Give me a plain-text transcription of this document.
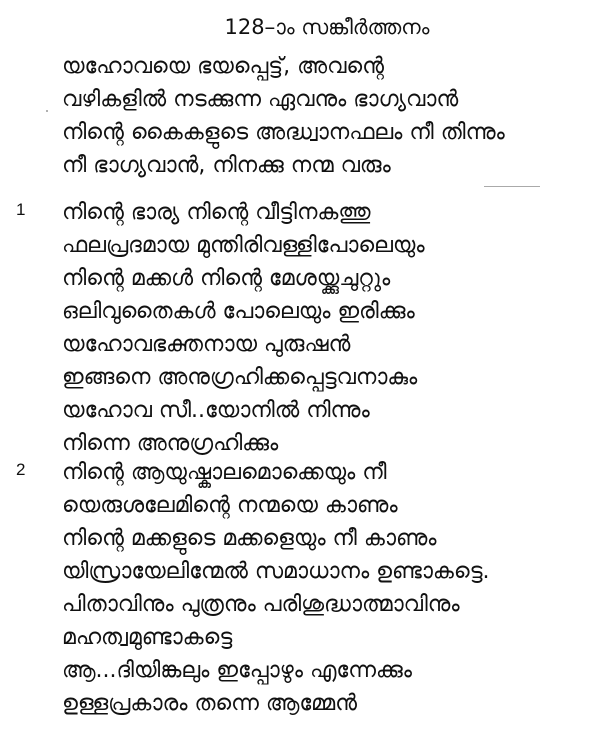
128–ാം സങ്കീർത്തനം
യഹോവയെ ഭയപ്പെട്ട്, അവന്റെ
വഴികളിൽ നടക്കുന്ന ഏവനും ഭാഗ്യവാൻ
നിന്റെ കൈകളുടെ അദ്ധ്വാനഫലം നീ തിന്നും
നീ ഭാഗ്യവാൻ, നിനക്കു നന്മ വരും
1 നിന്റെ ഭാര്യ നിന്റെ വീട്ടിനകത്തു
ഫലപ്രദമായ മുന്തിരിവള്ളിപോലെയും
നിന്റെ മക്കൾ നിന്റെ മേശയ്ക്കുചുറ്റും
ഒലിവുതൈകൾ പോലെയും ഇരിക്കും
യഹോവഭക്തനായ പുരുഷൻ
ഇങ്ങനെ അനുഗ്രഹിക്കപ്പെട്ടവനാകും
യഹോവ സീ..യോനിൽ നിന്നും
നിന്നെ അനുഗ്രഹിക്കും
2 നിന്റെ ആയുഷ്കാലമൊക്കെയും നീ
യെരുശലേമിന്റെ നന്മയെ കാണും
നിന്റെ മക്കളുടെ മക്കളെയും നീ കാണും
യിസ്രായേലിന്മേൽ സമാധാനം ഉണ്ടാകട്ടെ.
പിതാവിനും പുത്രനും പരിശുദ്ധാത്മാവിനും
മഹത്വമുണ്ടാകട്ടെ
ആ...ദിയിങ്കലും ഇപ്പോഴും എന്നേക്കും
ഉള്ളപ്രകാരം തന്നെ ആമ്മേൻ
